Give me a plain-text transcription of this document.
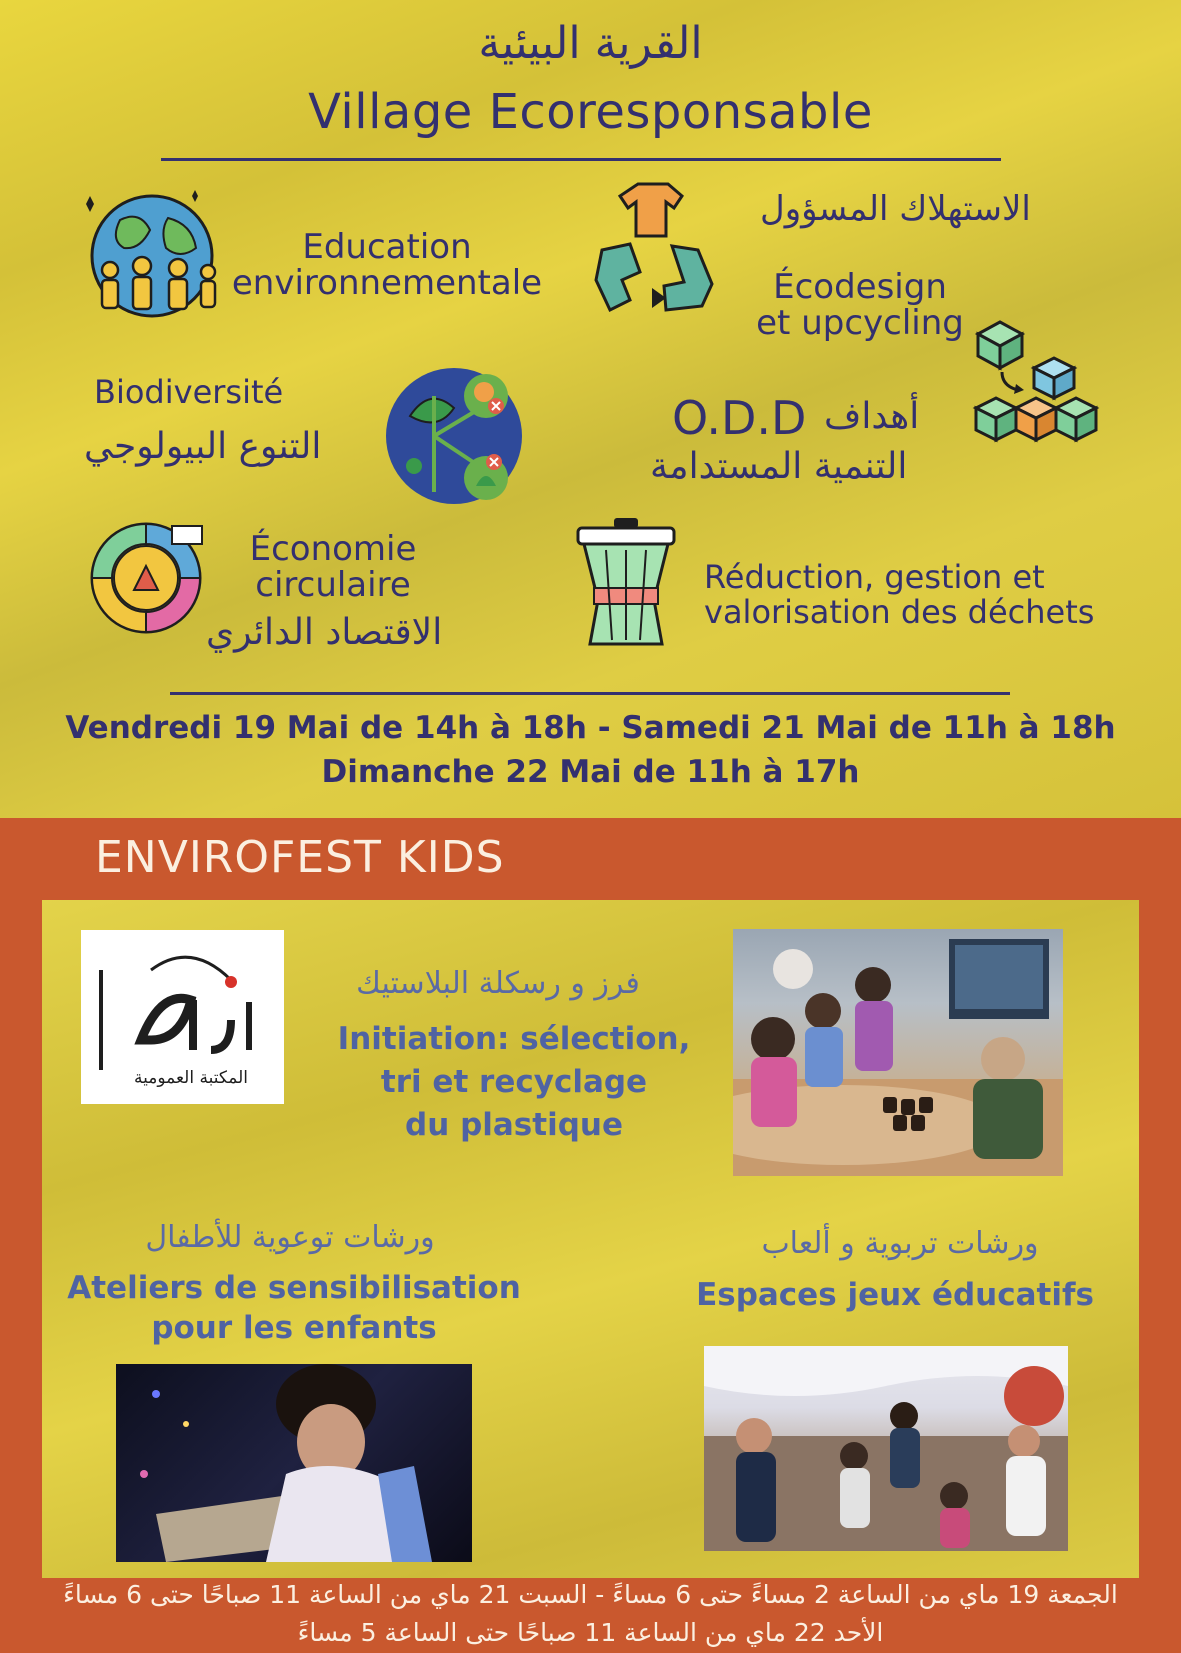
القرية البيئية
Village Ecoresponsable
Education
environnementale
الاستهلاك المسؤول
Écodesign
et upcycling
Biodiversité
التنوع البيولوجي
أهداف
O.D.D
التنمية المستدامة
Économie
circulaire
الاقتصاد الدائري
Réduction, gestion et
valorisation des déchets
Vendredi 19 Mai de 14h à 18h - Samedi 21 Mai de 11h à 18h
Dimanche 22 Mai de 11h à 17h
ENVIROFEST KIDS
الجمعة 19 ماي من الساعة 2 مساءً حتى 6 مساءً - السبت 21 ماي من الساعة 11 صباحًا حتى 6 مساءً
الأحد 22 ماي من الساعة 11 صباحًا حتى الساعة 5 مساءً
المكتبة العمومية
فرز و رسكلة البلاستيك
Initiation: sélection,
tri et recyclage
du plastique
ورشات توعوية للأطفال
Ateliers de sensibilisation
pour les enfants
ورشات تربوية و ألعاب
Espaces jeux éducatifs
